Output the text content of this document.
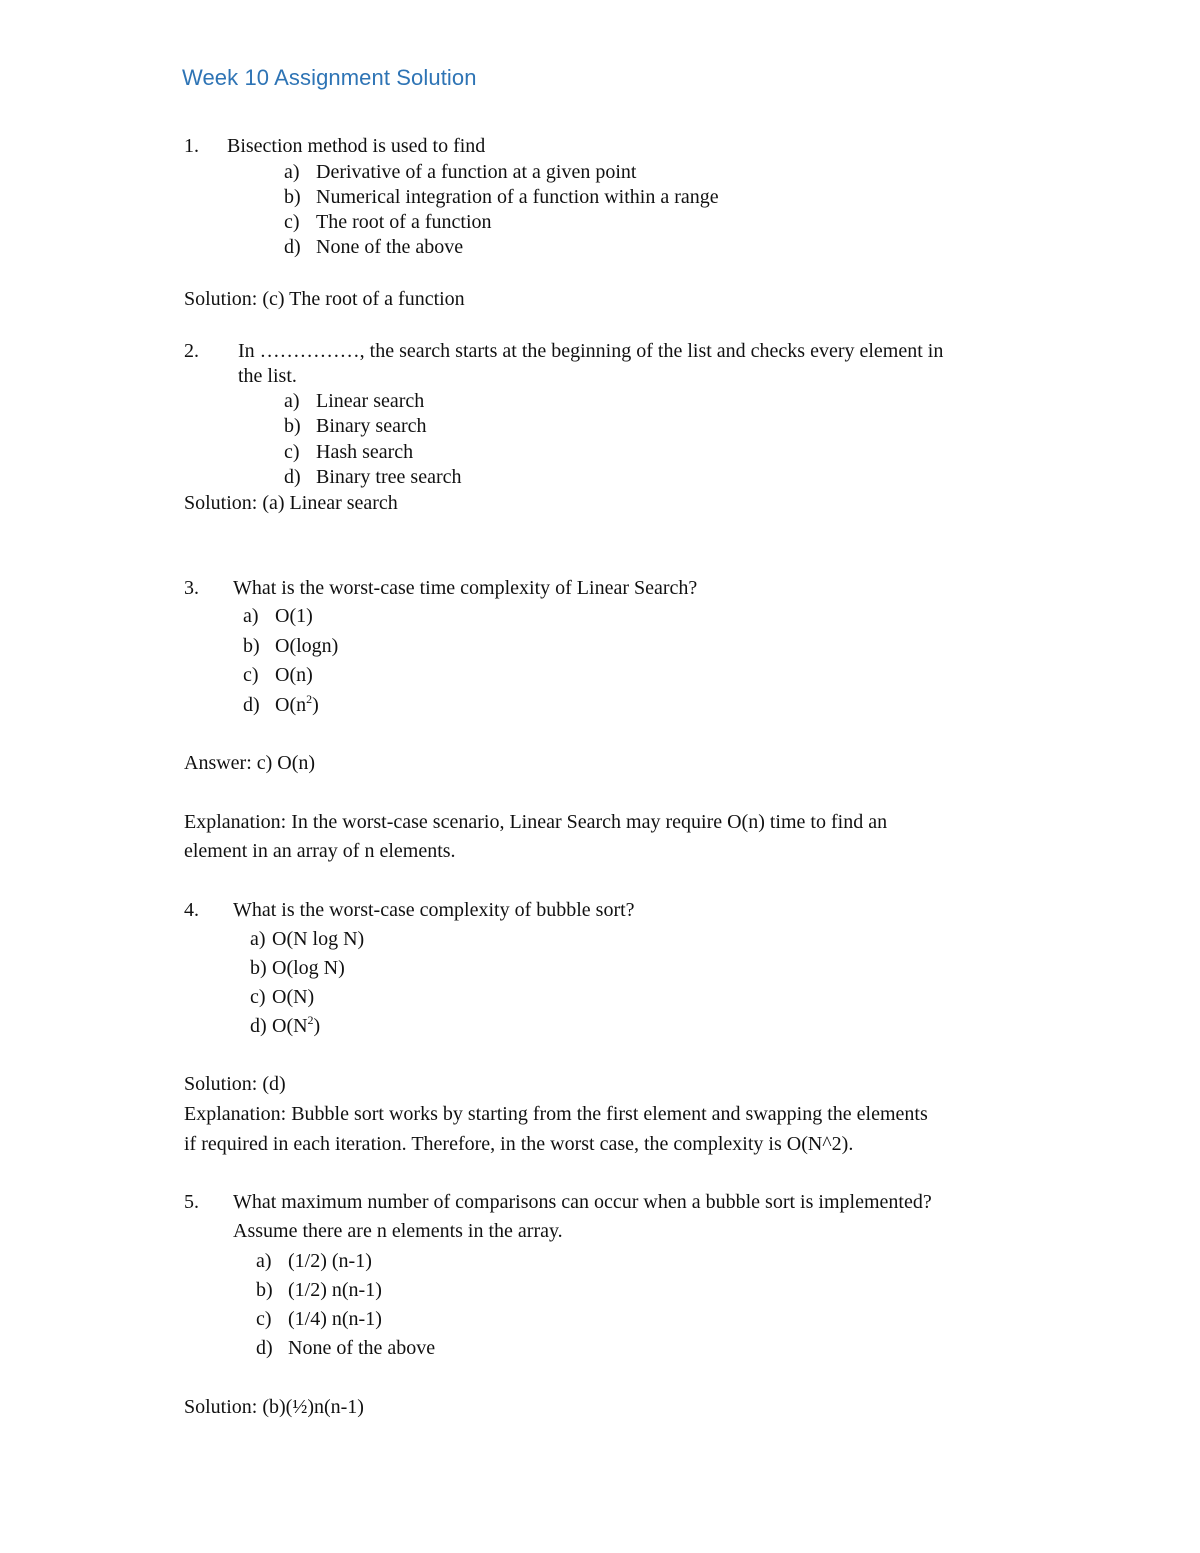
Week 10 Assignment Solution
1. Bisection method is used to find
a) Derivative of a function at a given point
b) Numerical integration of a function within a range
c) The root of a function
d) None of the above
Solution: (c) The root of a function
2. In ……………, the search starts at the beginning of the list and checks every element in
the list.
a) Linear search
b) Binary search
c) Hash search
d) Binary tree search
Solution: (a) Linear search
3. What is the worst-case time complexity of Linear Search?
a) O(1)
b) O(logn)
c) O(n)
d) $O(n^2)$
Answer: c) O(n)
Explanation: In the worst-case scenario, Linear Search may require O(n) time to find an
element in an array of n elements.
4. What is the worst-case complexity of bubble sort?
a) O(N log N)
b) O(log N)
c) O(N)
d) $O(N^2)$
Solution: (d)
Explanation: Bubble sort works by starting from the first element and swapping the elements
if required in each iteration. Therefore, in the worst case, the complexity is O(N^2).
5. What maximum number of comparisons can occur when a bubble sort is implemented?
Assume there are n elements in the array.
a) (1/2) (n-1)
b) (1/2) n(n-1)
c) (1/4) n(n-1)
d) None of the above
Solution: (b)(½)n(n-1)
